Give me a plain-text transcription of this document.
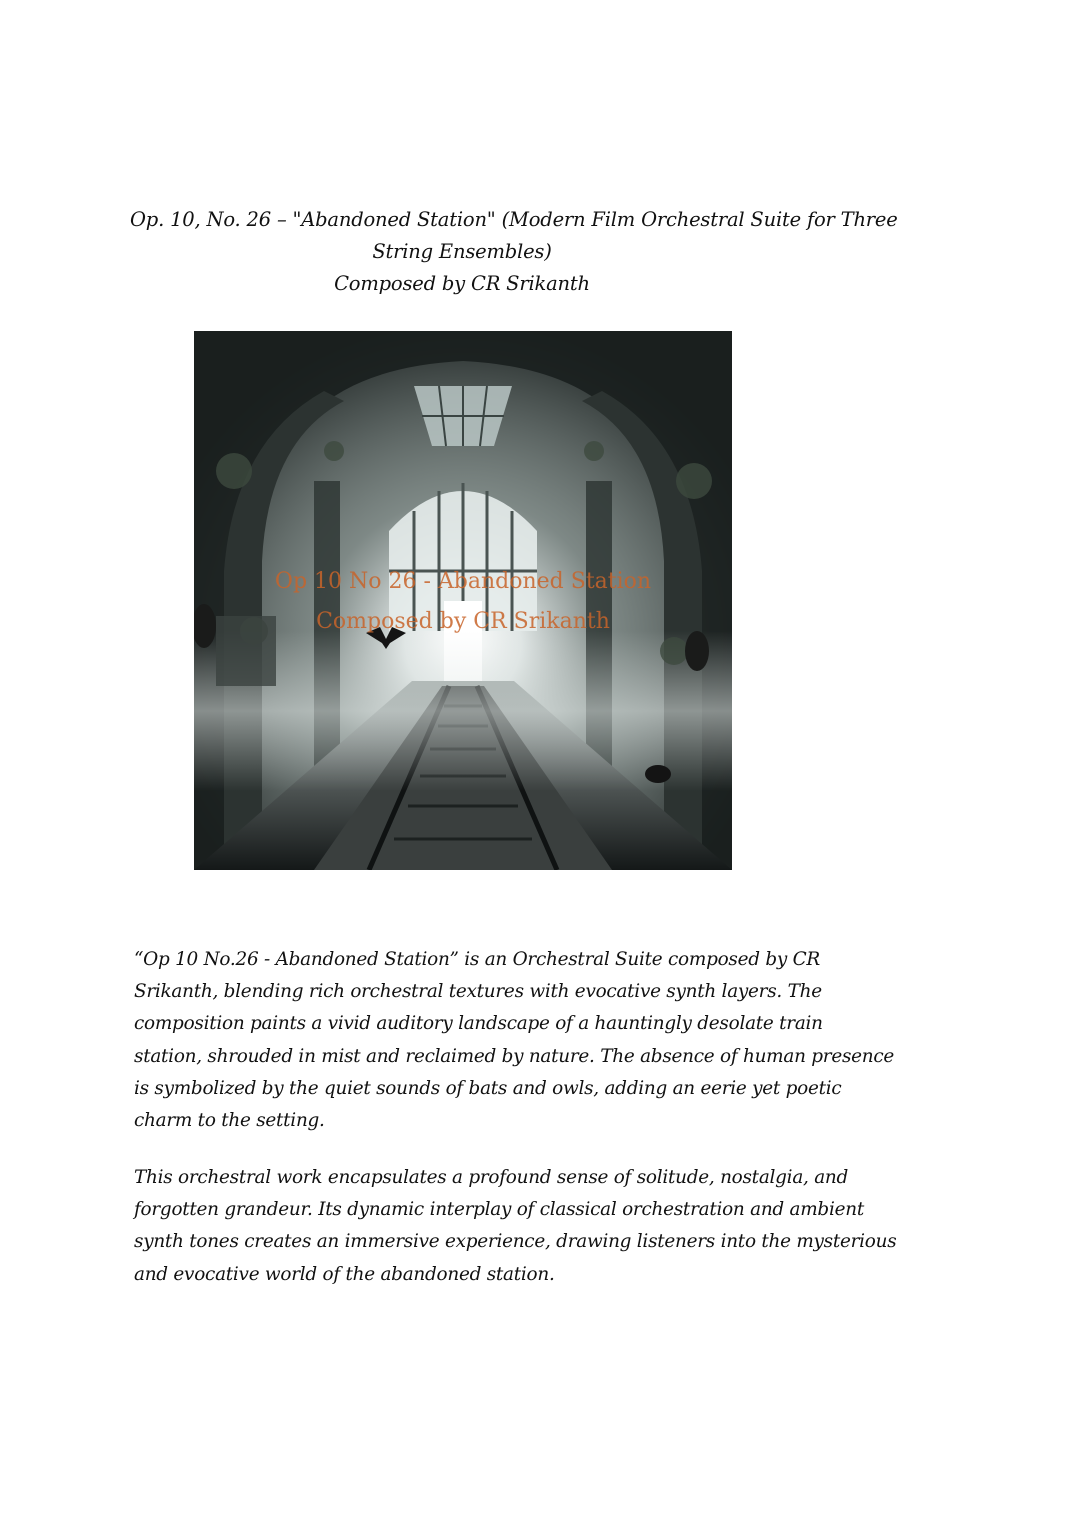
Op. 10, No. 26 – "Abandoned Station" (Modern Film Orchestral Suite for Three
String Ensembles)
Composed by CR Srikanth
Op 10 No 26 - Abandoned Station
Composed by CR Srikanth

“Op 10 No.26 - Abandoned Station” is an Orchestral Suite composed by CR
Srikanth, blending rich orchestral textures with evocative synth layers. The
composition paints a vivid auditory landscape of a hauntingly desolate train
station, shrouded in mist and reclaimed by nature. The absence of human presence
is symbolized by the quiet sounds of bats and owls, adding an eerie yet poetic
charm to the setting.

This orchestral work encapsulates a profound sense of solitude, nostalgia, and
forgotten grandeur. Its dynamic interplay of classical orchestration and ambient
synth tones creates an immersive experience, drawing listeners into the mysterious
and evocative world of the abandoned station.
